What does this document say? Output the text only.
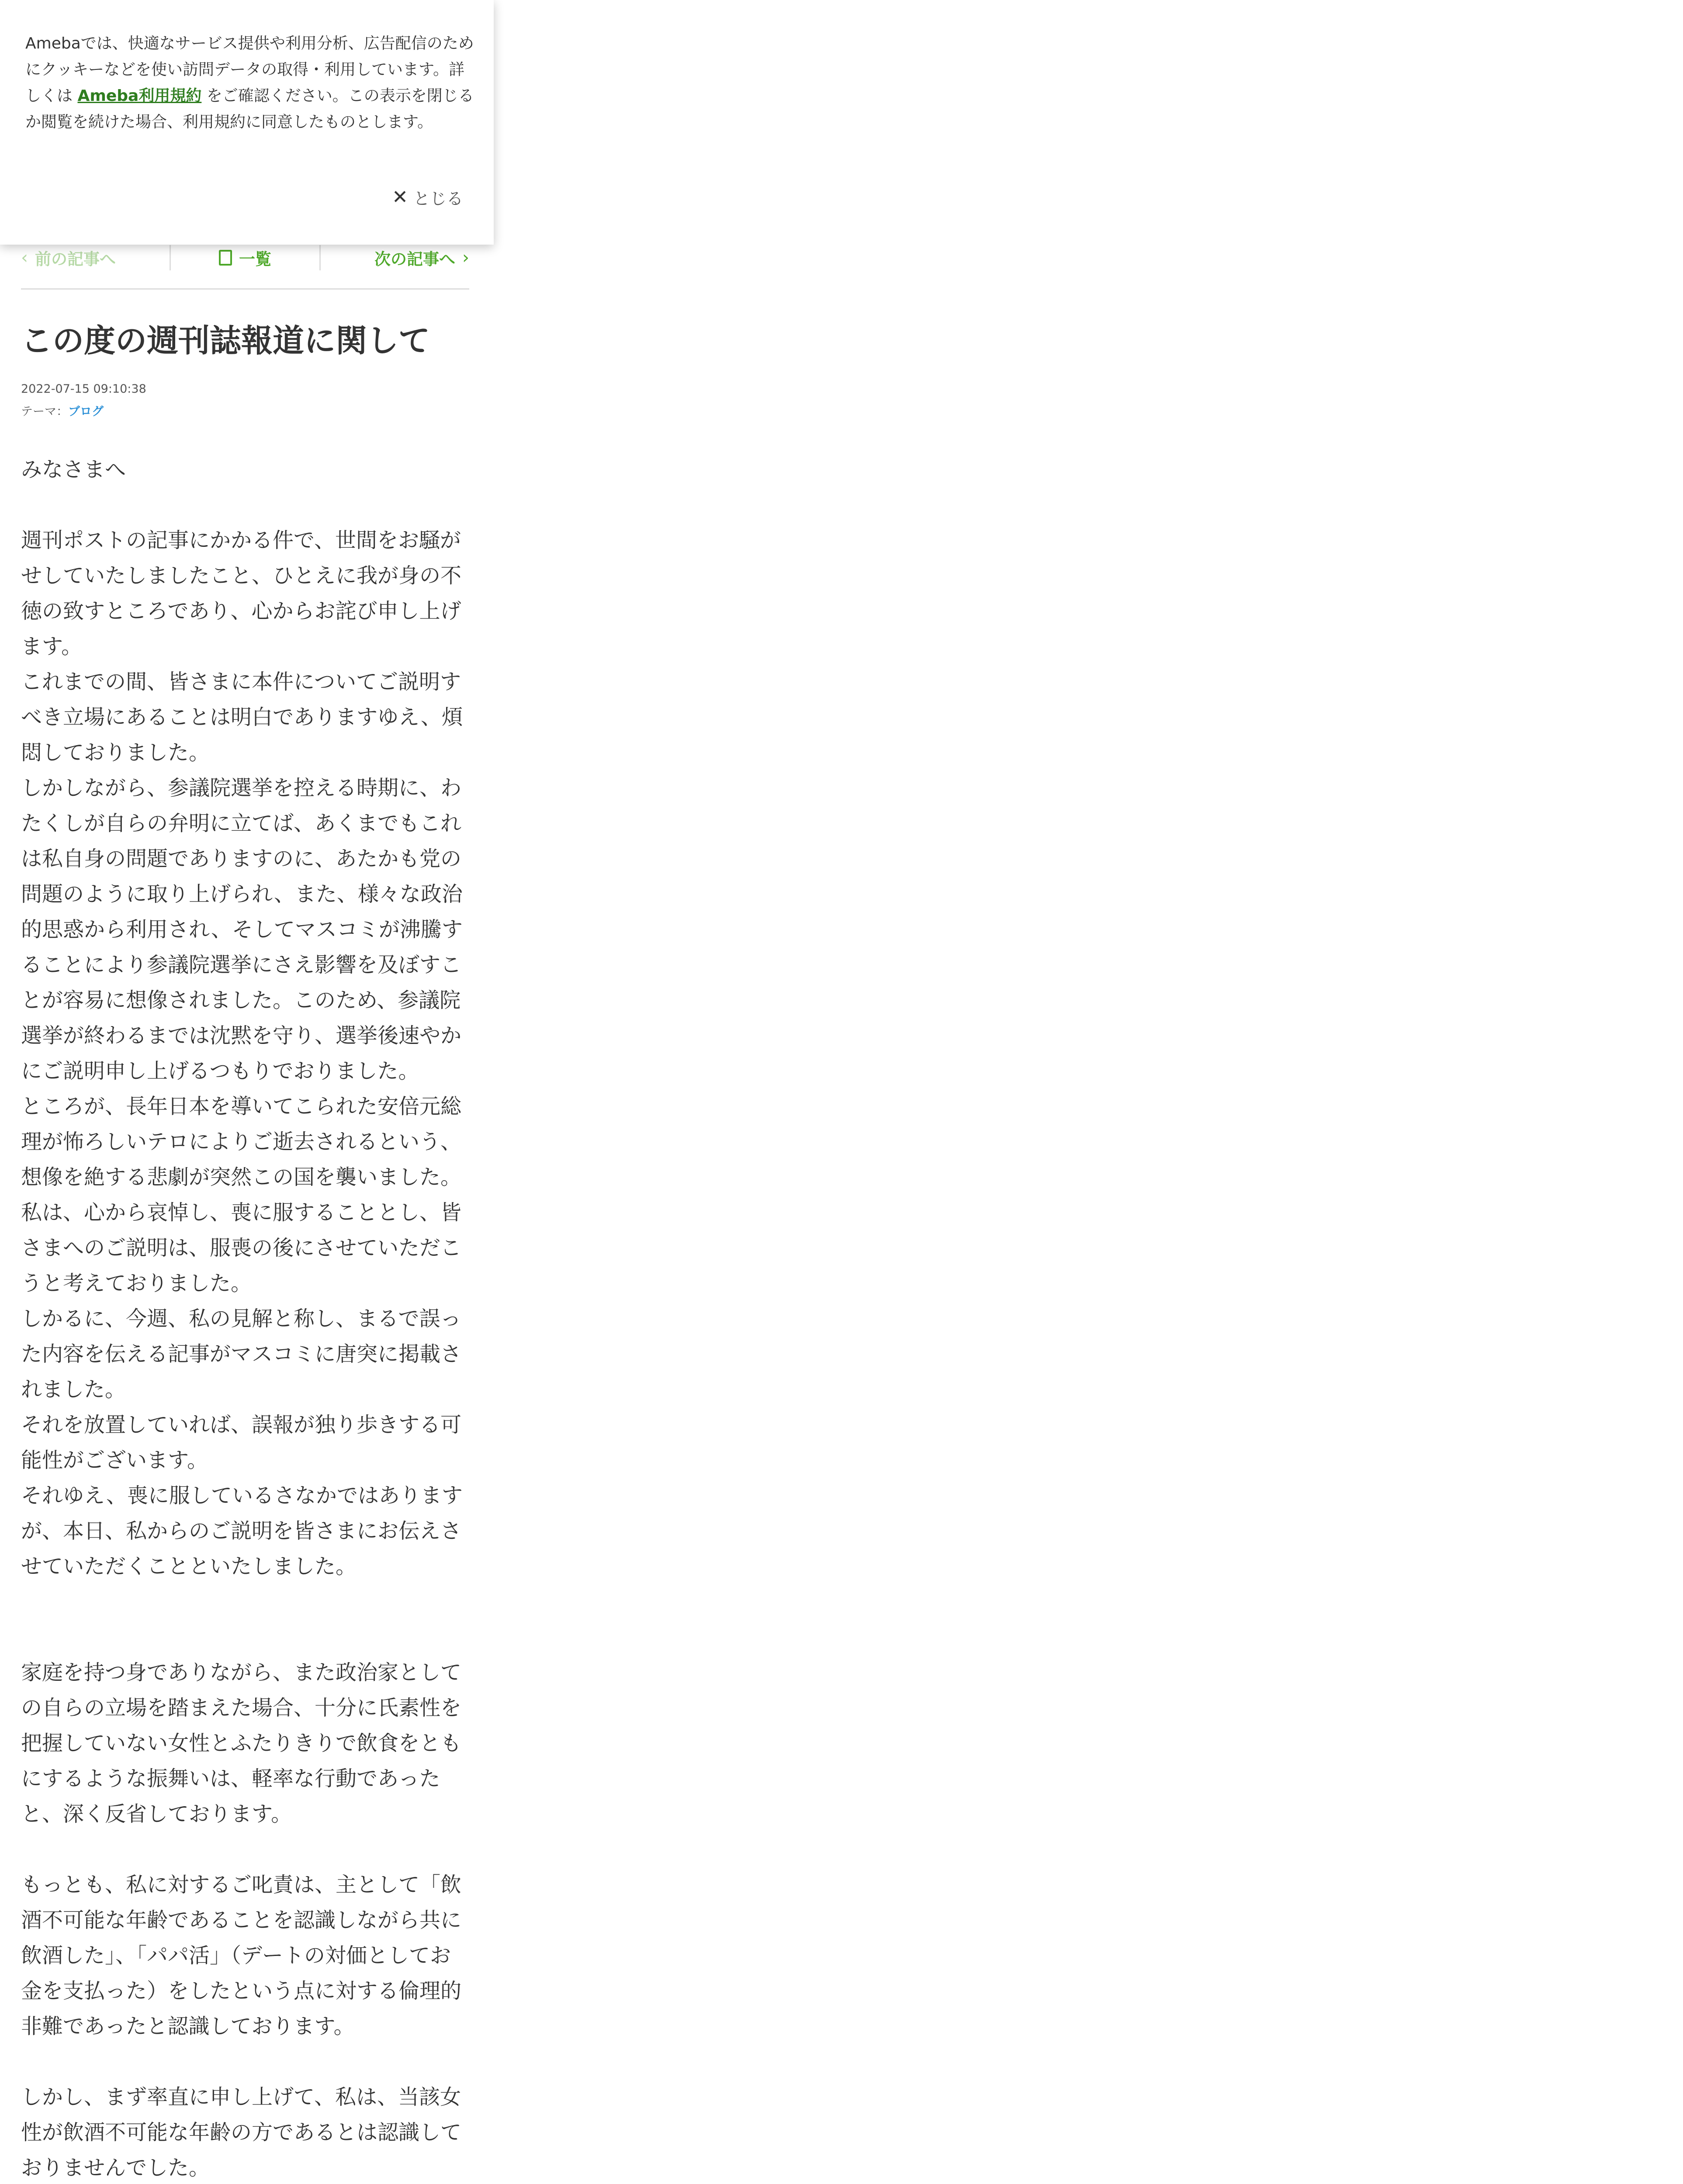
Amebaでは、快適なサービス提供や利用分析、広告配信のためにクッキーなどを使い訪問データの取得・利用しています。詳しくは Ameba利用規約 をご確認ください。この表示を閉じるか閲覧を続けた場合、利用規約に同意したものとします。
✕ とじる
‹ 前の記事へ	一覧	次の記事へ ›
この度の週刊誌報道に関して
2022-07-15 09:10:38
テーマ：ブログ

みなさまへ

週刊ポストの記事にかかる件で、世間をお騒がせしていたしましたこと、ひとえに我が身の不徳の致すところであり、心からお詫び申し上げます。

これまでの間、皆さまに本件についてご説明すべき立場にあることは明白でありますゆえ、煩悶しておりました。

しかしながら、参議院選挙を控える時期に、わたくしが自らの弁明に立てば、あくまでもこれは私自身の問題でありますのに、あたかも党の問題のように取り上げられ、また、様々な政治的思惑から利用され、そしてマスコミが沸騰することにより参議院選挙にさえ影響を及ぼすことが容易に想像されました。このため、参議院選挙が終わるまでは沈黙を守り、選挙後速やかにご説明申し上げるつもりでおりました。

ところが、長年日本を導いてこられた安倍元総理が怖ろしいテロによりご逝去されるという、想像を絶する悲劇が突然この国を襲いました。私は、心から哀悼し、喪に服することとし、皆さまへのご説明は、服喪の後にさせていただこうと考えておりました。

しかるに、今週、私の見解と称し、まるで誤った内容を伝える記事がマスコミに唐突に掲載されました。

それを放置していれば、誤報が独り歩きする可能性がございます。

それゆえ、喪に服しているさなかではありますが、本日、私からのご説明を皆さまにお伝えさせていただくことといたしました。

家庭を持つ身でありながら、また政治家としての自らの立場を踏まえた場合、十分に氏素性を把握していない女性とふたりきりで飲食をともにするような振舞いは、軽率な行動であったと、深く反省しております。

もっとも、私に対するご叱責は、主として「飲酒不可能な年齢であることを認識しながら共に飲酒した」、「パパ活」（デートの対価としてお金を支払った）をしたという点に対する倫理的非難であったと認識しております。

しかし、まず率直に申し上げて、私は、当該女性が飲酒不可能な年齢の方であるとは認識しておりませんでした。
